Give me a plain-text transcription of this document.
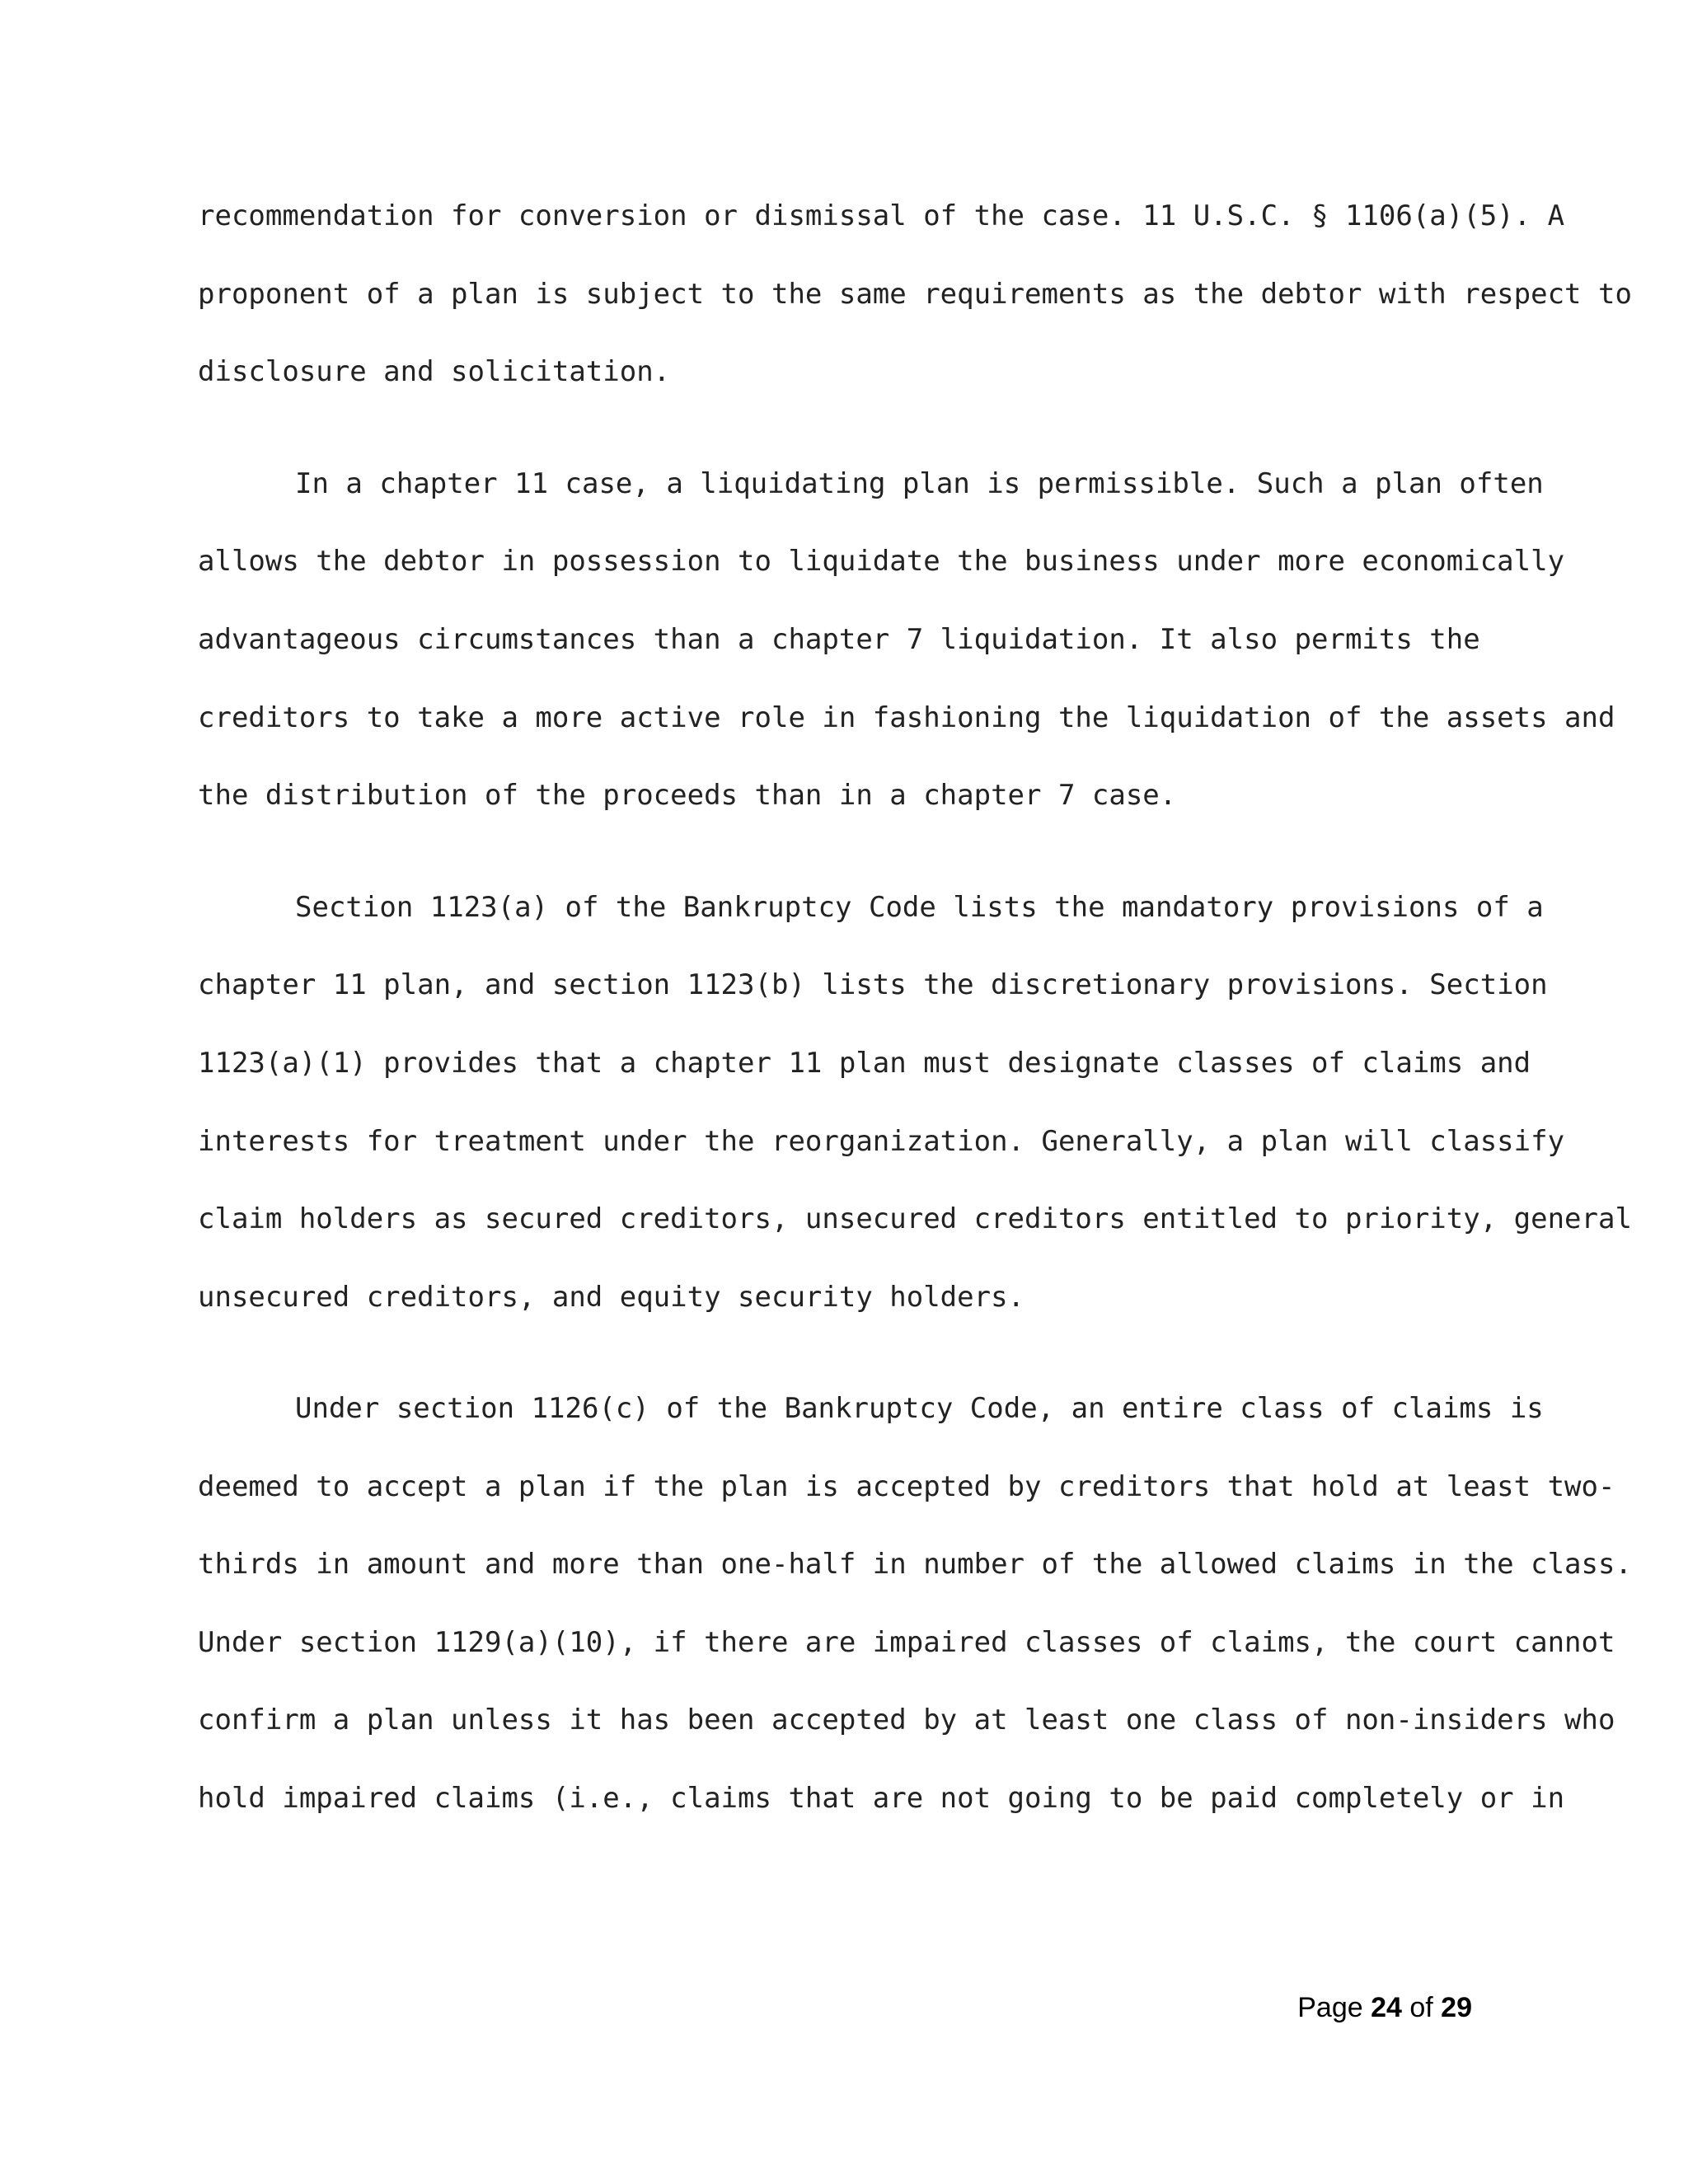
recommendation for conversion or dismissal of the case. 11 U.S.C. § 1106(a)(5). A
proponent of a plan is subject to the same requirements as the debtor with respect to
disclosure and solicitation.
In a chapter 11 case, a liquidating plan is permissible. Such a plan often
allows the debtor in possession to liquidate the business under more economically
advantageous circumstances than a chapter 7 liquidation. It also permits the
creditors to take a more active role in fashioning the liquidation of the assets and
the distribution of the proceeds than in a chapter 7 case.
Section 1123(a) of the Bankruptcy Code lists the mandatory provisions of a
chapter 11 plan, and section 1123(b) lists the discretionary provisions. Section
1123(a)(1) provides that a chapter 11 plan must designate classes of claims and
interests for treatment under the reorganization. Generally, a plan will classify
claim holders as secured creditors, unsecured creditors entitled to priority, general
unsecured creditors, and equity security holders.
Under section 1126(c) of the Bankruptcy Code, an entire class of claims is
deemed to accept a plan if the plan is accepted by creditors that hold at least two-
thirds in amount and more than one-half in number of the allowed claims in the class.
Under section 1129(a)(10), if there are impaired classes of claims, the court cannot
confirm a plan unless it has been accepted by at least one class of non-insiders who
hold impaired claims (i.e., claims that are not going to be paid completely or in
Page 24 of 29
